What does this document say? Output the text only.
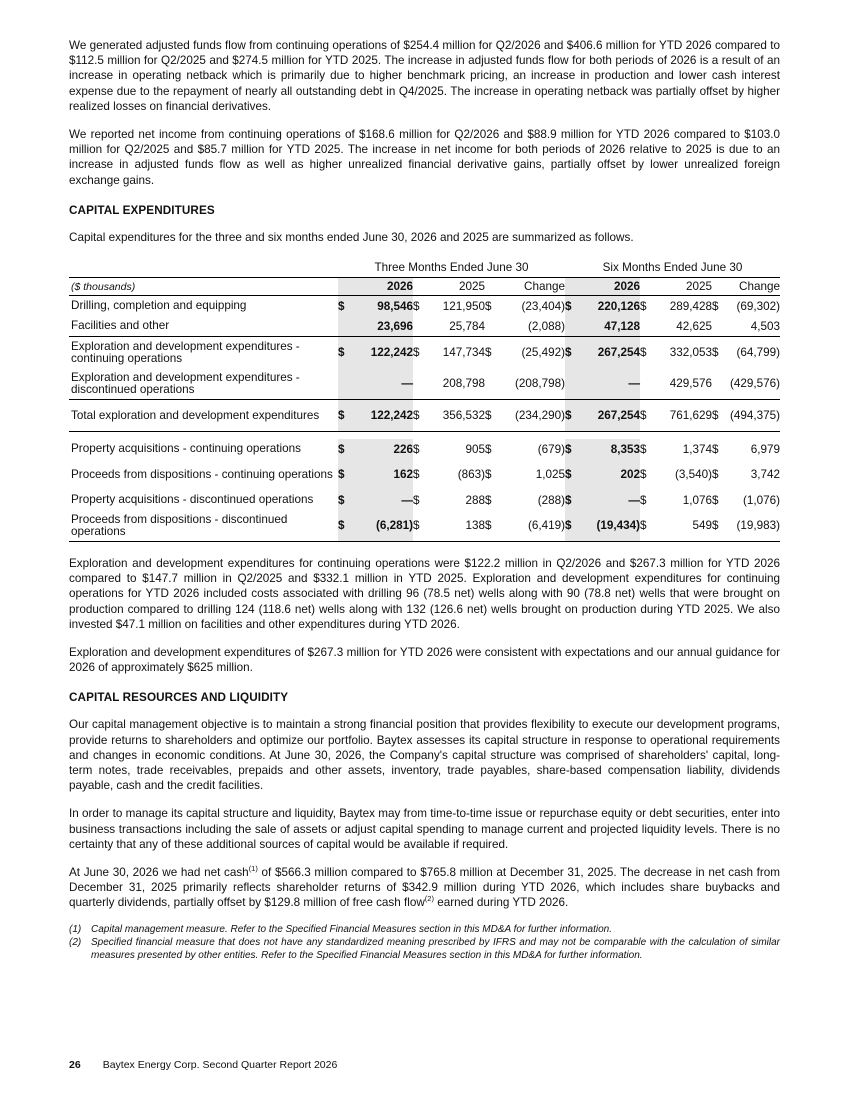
We generated adjusted funds flow from continuing operations of $254.4 million for Q2/2026 and $406.6 million for YTD 2026 compared to $112.5 million for Q2/2025 and $274.5 million for YTD 2025. The increase in adjusted funds flow for both periods of 2026 is a result of an increase in operating netback which is primarily due to higher benchmark pricing, an increase in production and lower cash interest expense due to the repayment of nearly all outstanding debt in Q4/2025. The increase in operating netback was partially offset by higher realized losses on financial derivatives.

We reported net income from continuing operations of $168.6 million for Q2/2026 and $88.9 million for YTD 2026 compared to $103.0 million for Q2/2025 and $85.7 million for YTD 2025. The increase in net income for both periods of 2026 relative to 2025 is due to an increase in adjusted funds flow as well as higher unrealized financial derivative gains, partially offset by lower unrealized foreign exchange gains.

CAPITAL EXPENDITURES

Capital expenditures for the three and six months ended June 30, 2026 and 2025 are summarized as follows.

	Three Months Ended June 30						Six Months Ended June 30					
($ thousands)		2026		2025		Change		2026		2025		Change
Drilling, completion and equipping	$	98,546	$	121,950	$	(23,404)	$	220,126	$	289,428	$	(69,302)
Facilities and other		23,696		25,784		(2,088)		47,128		42,625		4,503
Exploration and development expenditures - continuing operations	$	122,242	$	147,734	$	(25,492)	$	267,254	$	332,053	$	(64,799)
Exploration and development expenditures - discontinued operations		—		208,798		(208,798)		—		429,576		(429,576)
Total exploration and development expenditures	$	122,242	$	356,532	$	(234,290)	$	267,254	$	761,629	$	(494,375)

Property acquisitions - continuing operations	$	226	$	905	$	(679)	$	8,353	$	1,374	$	6,979
Proceeds from dispositions - continuing operations	$	162	$	(863)	$	1,025	$	202	$	(3,540)	$	3,742
Property acquisitions - discontinued operations	$	—	$	288	$	(288)	$	—	$	1,076	$	(1,076)
Proceeds from dispositions - discontinued operations	$	(6,281)	$	138	$	(6,419)	$	(19,434)	$	549	$	(19,983)

Exploration and development expenditures for continuing operations were $122.2 million in Q2/2026 and $267.3 million for YTD 2026 compared to $147.7 million in Q2/2025 and $332.1 million in YTD 2025. Exploration and development expenditures for continuing operations for YTD 2026 included costs associated with drilling 96 (78.5 net) wells along with 90 (78.8 net) wells that were brought on production compared to drilling 124 (118.6 net) wells along with 132 (126.6 net) wells brought on production during YTD 2025. We also invested $47.1 million on facilities and other expenditures during YTD 2026.

Exploration and development expenditures of $267.3 million for YTD 2026 were consistent with expectations and our annual guidance for 2026 of approximately $625 million.

CAPITAL RESOURCES AND LIQUIDITY

Our capital management objective is to maintain a strong financial position that provides flexibility to execute our development programs, provide returns to shareholders and optimize our portfolio. Baytex assesses its capital structure in response to operational requirements and changes in economic conditions. At June 30, 2026, the Company's capital structure was comprised of shareholders' capital, long-term notes, trade receivables, prepaids and other assets, inventory, trade payables, share-based compensation liability, dividends payable, cash and the credit facilities.

In order to manage its capital structure and liquidity, Baytex may from time-to-time issue or repurchase equity or debt securities, enter into business transactions including the sale of assets or adjust capital spending to manage current and projected liquidity levels. There is no certainty that any of these additional sources of capital would be available if required.

At June 30, 2026 we had net cash$^{(1)}$ of $566.3 million compared to $765.8 million at December 31, 2025. The decrease in net cash from December 31, 2025 primarily reflects shareholder returns of $342.9 million during YTD 2026, which includes share buybacks and quarterly dividends, partially offset by $129.8 million of free cash flow$^{(2)}$ earned during YTD 2026.

(1) Capital management measure. Refer to the Specified Financial Measures section in this MD&A for further information.
(2) Specified financial measure that does not have any standardized meaning prescribed by IFRS and may not be comparable with the calculation of similar measures presented by other entities. Refer to the Specified Financial Measures section in this MD&A for further information.
26 Baytex Energy Corp. Second Quarter Report 2026
